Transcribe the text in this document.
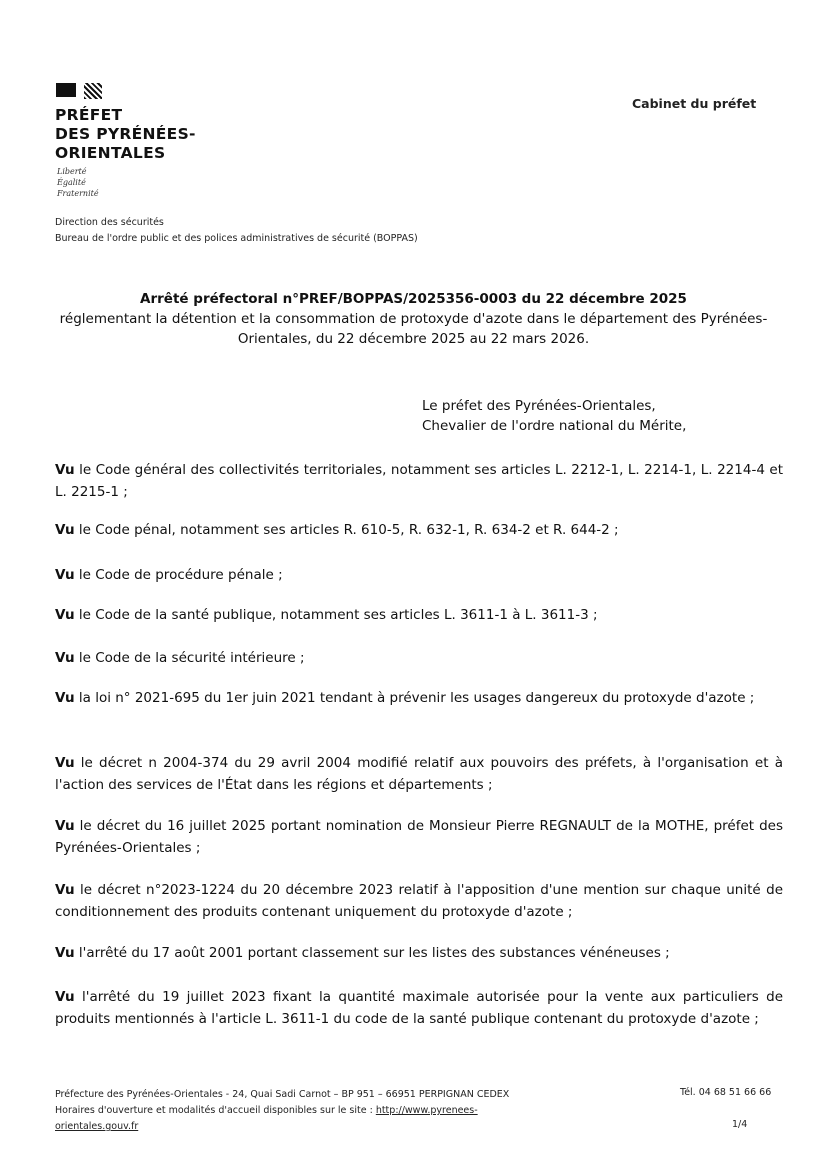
PRÉFET
DES PYRÉNÉES-
ORIENTALES
Liberté
Égalité
Fraternité
Direction des sécurités
Bureau de l'ordre public et des polices administratives de sécurité (BOPPAS)
Cabinet du préfet
Arrêté préfectoral n°PREF/BOPPAS/2025356-0003 du 22 décembre 2025
réglementant la détention et la consommation de protoxyde d'azote dans le département des Pyrénées-Orientales, du 22 décembre 2025 au 22 mars 2026.
Le préfet des Pyrénées-Orientales,
Chevalier de l'ordre national du Mérite,
Vu le Code général des collectivités territoriales, notamment ses articles L. 2212-1, L. 2214-1, L. 2214-4 et L. 2215-1 ;
Vu le Code pénal, notamment ses articles R. 610-5, R. 632-1, R. 634-2 et R. 644-2 ;
Vu le Code de procédure pénale ;
Vu le Code de la santé publique, notamment ses articles L. 3611-1 à L. 3611-3 ;
Vu le Code de la sécurité intérieure ;
Vu la loi n° 2021-695 du 1er juin 2021 tendant à prévenir les usages dangereux du protoxyde d'azote ;
Vu le décret n 2004-374 du 29 avril 2004 modifié relatif aux pouvoirs des préfets, à l'organisation et à l'action des services de l'État dans les régions et départements ;
Vu le décret du 16 juillet 2025 portant nomination de Monsieur Pierre REGNAULT de la MOTHE, préfet des Pyrénées-Orientales ;
Vu le décret n°2023-1224 du 20 décembre 2023 relatif à l'apposition d'une mention sur chaque unité de conditionnement des produits contenant uniquement du protoxyde d'azote ;
Vu l'arrêté du 17 août 2001 portant classement sur les listes des substances vénéneuses ;
Vu l'arrêté du 19 juillet 2023 fixant la quantité maximale autorisée pour la vente aux particuliers de produits mentionnés à l'article L. 3611-1 du code de la santé publique contenant du protoxyde d'azote ;
Préfecture des Pyrénées-Orientales - 24, Quai Sadi Carnot – BP 951 – 66951 PERPIGNAN CEDEX
Horaires d'ouverture et modalités d'accueil disponibles sur le site : http://www.pyrenees-orientales.gouv.fr
Tél. 04 68 51 66 66
1/4
